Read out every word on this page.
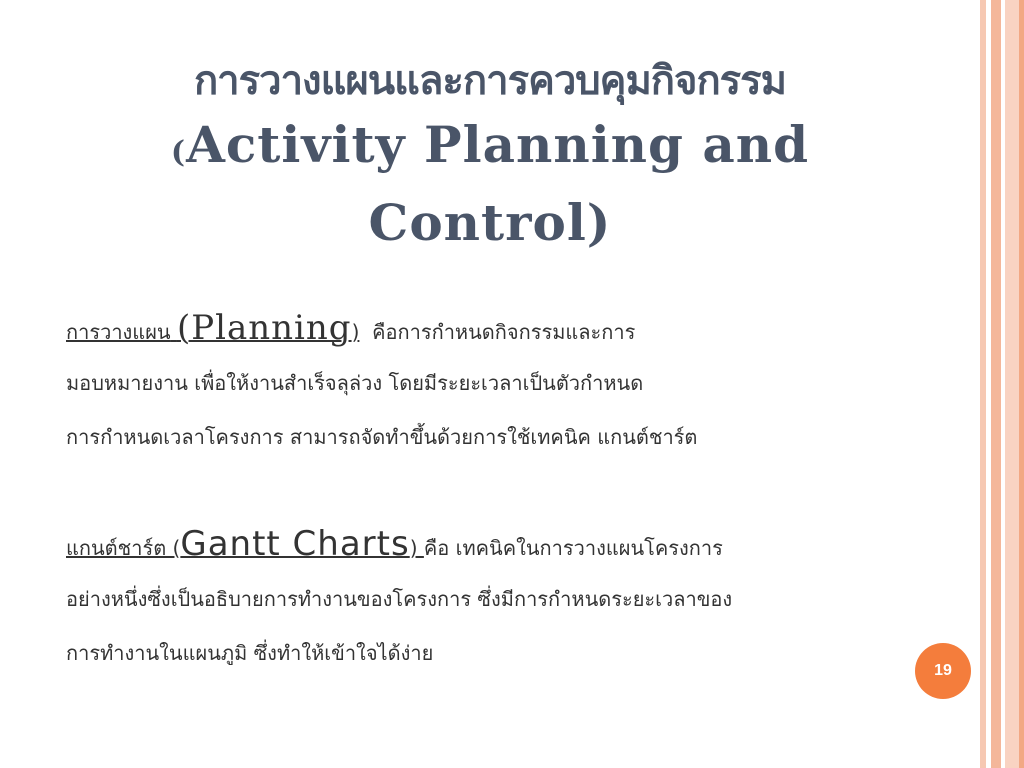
การวางแผนและการควบคุมกิจกรรม
(Activity Planning and
Control)
การวางแผน (Planning) คือการกำหนดกิจกรรมและการ
มอบหมายงาน เพื่อให้งานสำเร็จลุล่วง โดยมีระยะเวลาเป็นตัวกำหนด
การกำหนดเวลาโครงการ สามารถจัดทำขึ้นด้วยการใช้เทคนิค แกนต์ชาร์ต
แกนต์ชาร์ต (Gantt Charts) คือ เทคนิคในการวางแผนโครงการ
อย่างหนึ่งซึ่งเป็นอธิบายการทำงานของโครงการ ซึ่งมีการกำหนดระยะเวลาของ
การทำงานในแผนภูมิ ซึ่งทำให้เข้าใจได้ง่าย
19
